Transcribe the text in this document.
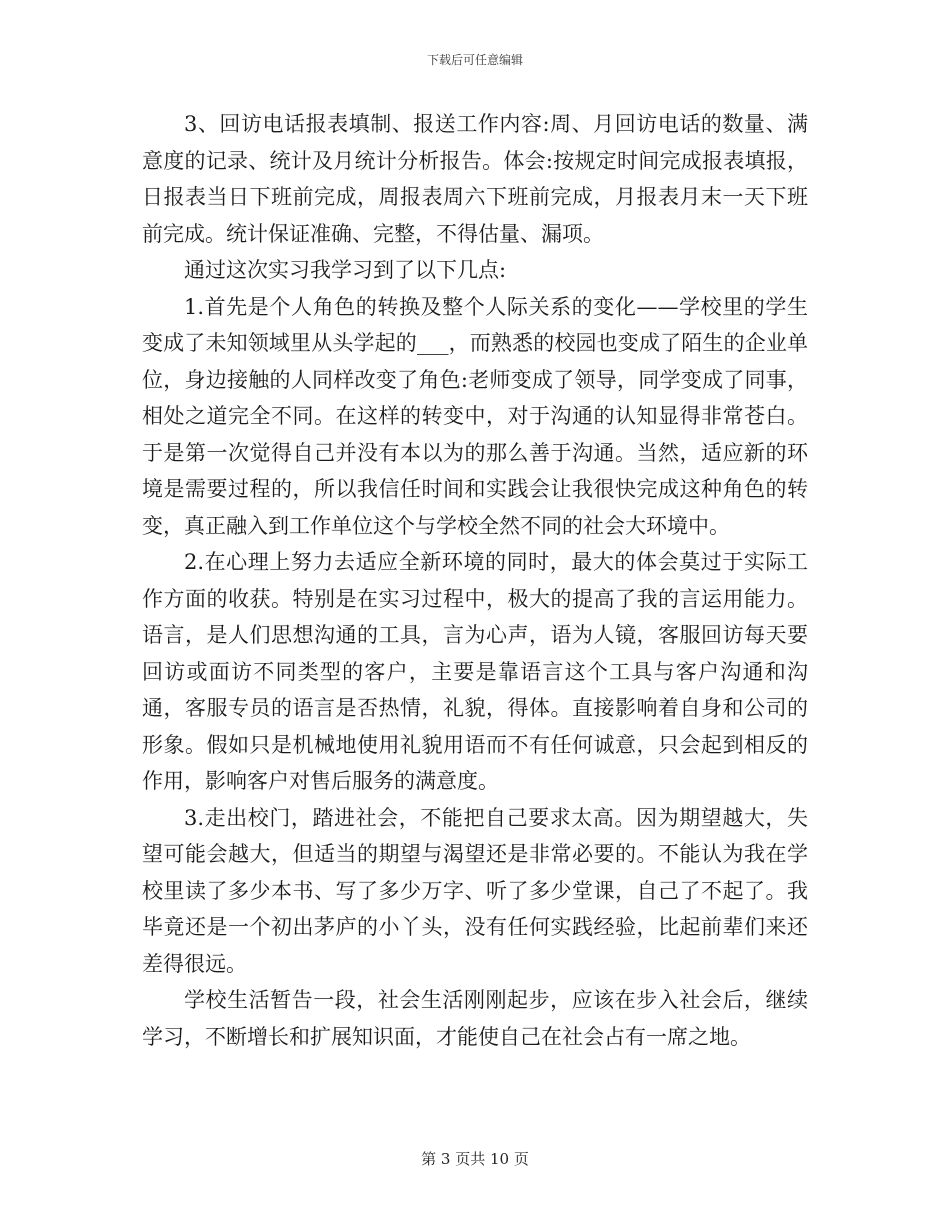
下载后可任意编辑

3、回访电话报表填制、报送工作内容:周、月回访电话的数量、满意度的记录、统计及月统计分析报告。体会:按规定时间完成报表填报，日报表当日下班前完成，周报表周六下班前完成，月报表月末一天下班前完成。统计保证准确、完整，不得估量、漏项。

通过这次实习我学习到了以下几点:

1.首先是个人角色的转换及整个人际关系的变化——学校里的学生变成了未知领域里从头学起的___，而熟悉的校园也变成了陌生的企业单位，身边接触的人同样改变了角色:老师变成了领导，同学变成了同事，相处之道完全不同。在这样的转变中，对于沟通的认知显得非常苍白。于是第一次觉得自己并没有本以为的那么善于沟通。当然，适应新的环境是需要过程的，所以我信任时间和实践会让我很快完成这种角色的转变，真正融入到工作单位这个与学校全然不同的社会大环境中。

2.在心理上努力去适应全新环境的同时，最大的体会莫过于实际工作方面的收获。特别是在实习过程中，极大的提高了我的言运用能力。语言，是人们思想沟通的工具，言为心声，语为人镜，客服回访每天要回访或面访不同类型的客户，主要是靠语言这个工具与客户沟通和沟通，客服专员的语言是否热情，礼貌，得体。直接影响着自身和公司的形象。假如只是机械地使用礼貌用语而不有任何诚意，只会起到相反的作用，影响客户对售后服务的满意度。

3.走出校门，踏进社会，不能把自己要求太高。因为期望越大，失望可能会越大，但适当的期望与渴望还是非常必要的。不能认为我在学校里读了多少本书、写了多少万字、听了多少堂课，自己了不起了。我毕竟还是一个初出茅庐的小丫头，没有任何实践经验，比起前辈们来还差得很远。

学校生活暂告一段，社会生活刚刚起步，应该在步入社会后，继续学习，不断增长和扩展知识面，才能使自己在社会占有一席之地。

第 3 页共 10 页
